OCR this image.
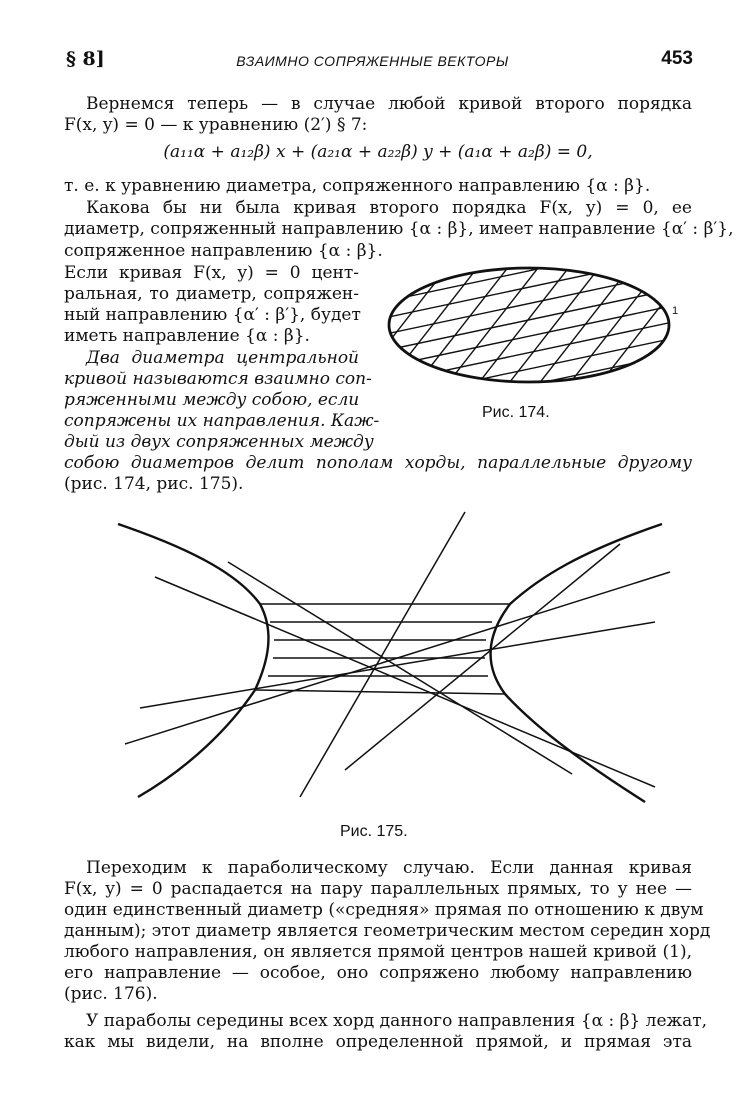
§ 8]	ВЗАИМНО СОПРЯЖЕННЫЕ ВЕКТОРЫ	453
Вернемся теперь — в случае любой кривой второго порядка
F(x, y) = 0 — к уравнению (2′) § 7:
(a₁₁α + a₁₂β) x + (a₂₁α + a₂₂β) y + (a₁α + a₂β) = 0,
т. е. к уравнению диаметра, сопряженного направлению {α : β}.
Какова бы ни была кривая второго порядка F(x, y) = 0, ее
диаметр, сопряженный направлению {α : β}, имеет направление {α′ : β′},
сопряженное направлению {α : β}.
Если кривая F(x, y) = 0 цент-
ральная, то диаметр, сопряжен-
ный направлению {α′ : β′}, будет
иметь направление {α : β}.
Два диаметра центральной
кривой называются взаимно соп-
ряженными между собою, если
сопряжены их направления. Каж-
дый из двух сопряженных между
собою диаметров делит пополам хорды, параллельные другому
(рис. 174, рис. 175).
1
Рис. 174.
Рис. 175.
Переходим к параболическому случаю. Если данная кривая
F(x, y) = 0 распадается на пару параллельных прямых, то у нее —
один единственный диаметр («средняя» прямая по отношению к двум
данным); этот диаметр является геометрическим местом середин хорд
любого направления, он является прямой центров нашей кривой (1),
его направление — особое, оно сопряжено любому направлению
(рис. 176).
У параболы середины всех хорд данного направления {α : β} лежат,
как мы видели, на вполне определенной прямой, и прямая эта
